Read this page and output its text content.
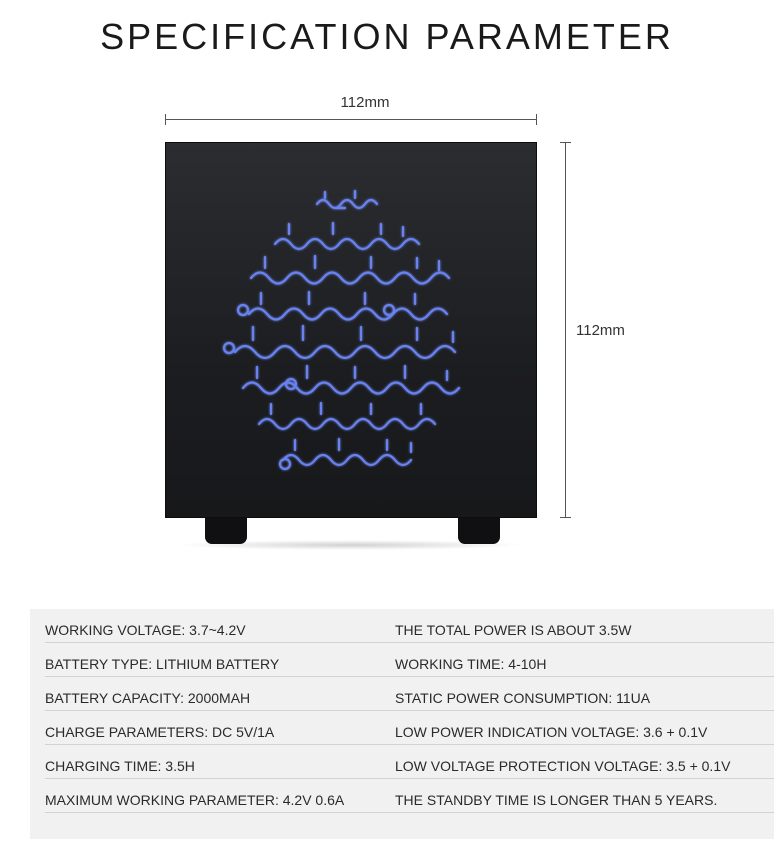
SPECIFICATION PARAMETER
112mm
112mm
WORKING VOLTAGE: 3.7~4.2V	THE TOTAL POWER IS ABOUT 3.5W
BATTERY TYPE: LITHIUM BATTERY	WORKING TIME: 4-10H
BATTERY CAPACITY: 2000MAH	STATIC POWER CONSUMPTION: 11UA
CHARGE PARAMETERS: DC 5V/1A	LOW POWER INDICATION VOLTAGE: 3.6 + 0.1V
CHARGING TIME: 3.5H	LOW VOLTAGE PROTECTION VOLTAGE: 3.5 + 0.1V
MAXIMUM WORKING PARAMETER: 4.2V 0.6A	THE STANDBY TIME IS LONGER THAN 5 YEARS.
